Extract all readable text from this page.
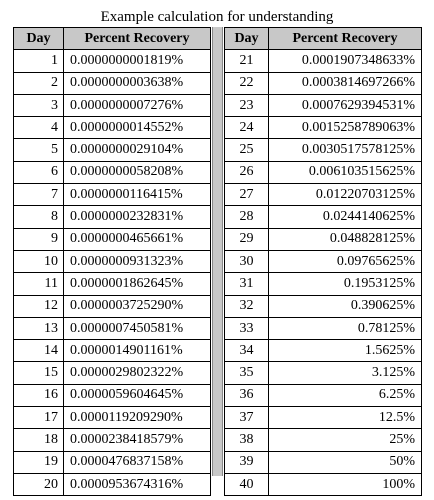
Example calculation for understanding
Day	Percent Recovery
1	0.0000000001819%
2	0.0000000003638%
3	0.0000000007276%
4	0.0000000014552%
5	0.0000000029104%
6	0.0000000058208%
7	0.0000000116415%
8	0.0000000232831%
9	0.0000000465661%
10	0.0000000931323%
11	0.0000001862645%
12	0.0000003725290%
13	0.0000007450581%
14	0.0000014901161%
15	0.0000029802322%
16	0.0000059604645%
17	0.0000119209290%
18	0.0000238418579%
19	0.0000476837158%
20	0.0000953674316%
Day	Percent Recovery
21	0.0001907348633%
22	0.0003814697266%
23	0.0007629394531%
24	0.0015258789063%
25	0.0030517578125%
26	0.006103515625%
27	0.01220703125%
28	0.0244140625%
29	0.048828125%
30	0.09765625%
31	0.1953125%
32	0.390625%
33	0.78125%
34	1.5625%
35	3.125%
36	6.25%
37	12.5%
38	25%
39	50%
40	100%
